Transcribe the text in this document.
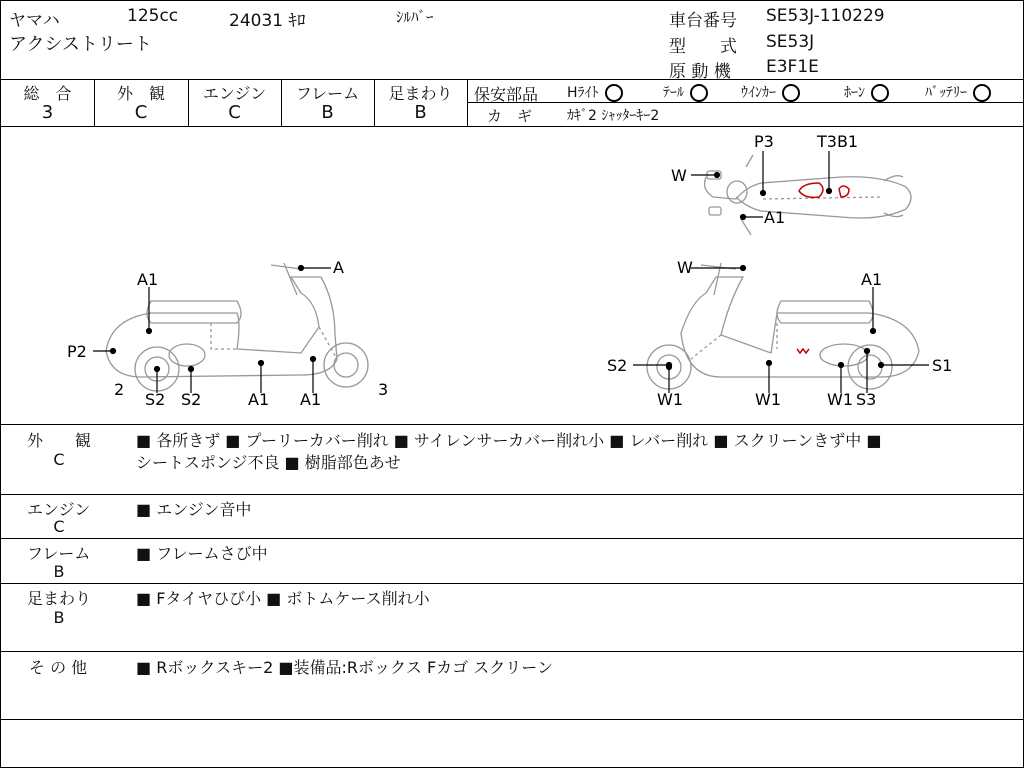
ヤマハ	125cc	24031 ｷﾛ	ｼﾙﾊﾞｰ
アクシストリート
車台番号 SE53J-110229
型　　式 SE53J
原 動 機 E3F1E
総　合
3
外　観
C
エンジン
C
フレーム
B
足まわり
B
保安部品 Hﾗｲﾄ	ﾃｰﾙ	ｳｲﾝｶｰ	ﾎｰﾝ	ﾊﾞｯﾃﾘｰ
カ　ギ ｶｷﾞ2 ｼｬｯﾀｰｷｰ2
W
P3	T3B1
A1
A
A1
P2
2
S2 S2	A1 A1
3
W
A1
S2	S1
W1	W1	W1 S3
外　　観
C
■ 各所きず ■ プーリーカバー削れ ■ サイレンサーカバー削れ小 ■ レバー削れ ■ スクリーンきず中 ■
シートスポンジ不良 ■ 樹脂部色あせ
エンジン
C
■ エンジン音中
フレーム
B
■ フレームさび中
足まわり
B
■ Fタイヤひび小 ■ ボトムケース削れ小
そ の 他	■ Rボックスキー2 ■装備品:Rボックス Fカゴ スクリーン
